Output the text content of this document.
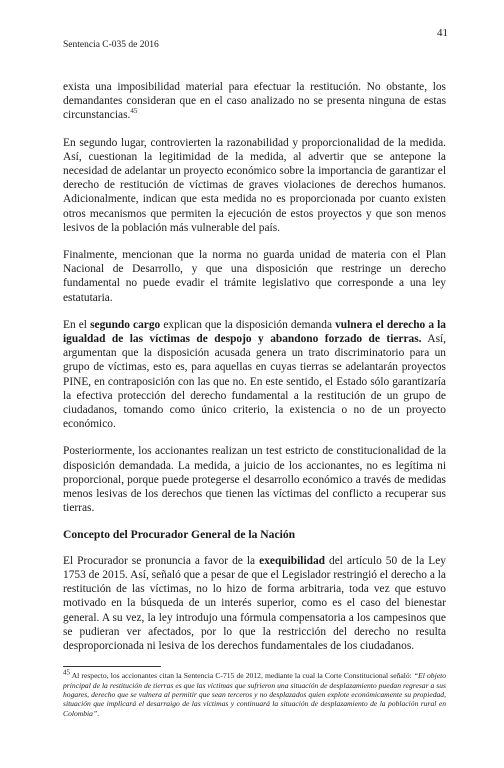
41
Sentencia C-035 de 2016

exista una imposibilidad material para efectuar la restitución. No obstante, los demandantes consideran que en el caso analizado no se presenta ninguna de estas circunstancias.$^{45}$

En segundo lugar, controvierten la razonabilidad y proporcionalidad de la medida. Así, cuestionan la legitimidad de la medida, al advertir que se antepone la necesidad de adelantar un proyecto económico sobre la importancia de garantizar el derecho de restitución de víctimas de graves violaciones de derechos humanos. Adicionalmente, indican que esta medida no es proporcionada por cuanto existen otros mecanismos que permiten la ejecución de estos proyectos y que son menos lesivos de la población más vulnerable del país.

Finalmente, mencionan que la norma no guarda unidad de materia con el Plan Nacional de Desarrollo, y que una disposición que restringe un derecho fundamental no puede evadir el trámite legislativo que corresponde a una ley estatutaria.

En el segundo cargo explican que la disposición demanda vulnera el derecho a la igualdad de las víctimas de despojo y abandono forzado de tierras. Así, argumentan que la disposición acusada genera un trato discriminatorio para un grupo de víctimas, esto es, para aquellas en cuyas tierras se adelantarán proyectos PINE, en contraposición con las que no. En este sentido, el Estado sólo garantizaría la efectiva protección del derecho fundamental a la restitución de un grupo de ciudadanos, tomando como único criterio, la existencia o no de un proyecto económico.

Posteriormente, los accionantes realizan un test estricto de constitucionalidad de la disposición demandada. La medida, a juicio de los accionantes, no es legítima ni proporcional, porque puede protegerse el desarrollo económico a través de medidas menos lesivas de los derechos que tienen las víctimas del conflicto a recuperar sus tierras.

Concepto del Procurador General de la Nación

El Procurador se pronuncia a favor de la exequibilidad del artículo 50 de la Ley 1753 de 2015. Así, señaló que a pesar de que el Legislador restringió el derecho a la restitución de las víctimas, no lo hizo de forma arbitraria, toda vez que estuvo motivado en la búsqueda de un interés superior, como es el caso del bienestar general. A su vez, la ley introdujo una fórmula compensatoria a los campesinos que se pudieran ver afectados, por lo que la restricción del derecho no resulta desproporcionada ni lesiva de los derechos fundamentales de los ciudadanos.

$^{45}$ Al respecto, los accionantes citan la Sentencia C-715 de 2012, mediante la cual la Corte Constitucional señaló: “El objeto principal de la restitución de tierras es que las víctimas que sufrieron una situación de desplazamiento puedan regresar a sus hogares, derecho que se vulnera al permitir que sean terceros y no desplazados quien explote económicamente su propiedad, situación que implicará el desarraigo de las víctimas y continuará la situación de desplazamiento de la población rural en Colombia”.
